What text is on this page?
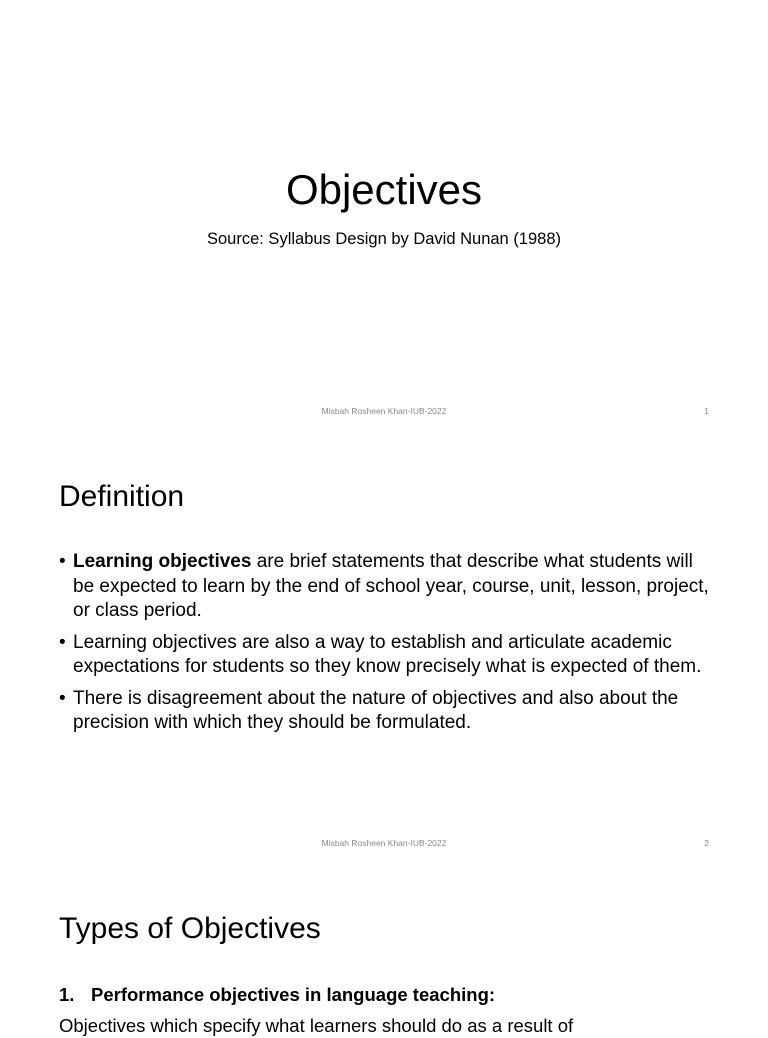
Objectives
Source: Syllabus Design by David Nunan (1988)
Misbah Rosheen Khan-IUB-2022	1
Definition
• Learning objectives are brief statements that describe what students will be expected to learn by the end of school year, course, unit, lesson, project, or class period.
• Learning objectives are also a way to establish and articulate academic expectations for students so they know precisely what is expected of them.
• There is disagreement about the nature of objectives and also about the precision with which they should be formulated.
Misbah Rosheen Khan-IUB-2022	2
Types of Objectives
1. Performance objectives in language teaching:
Objectives which specify what learners should do as a result of
